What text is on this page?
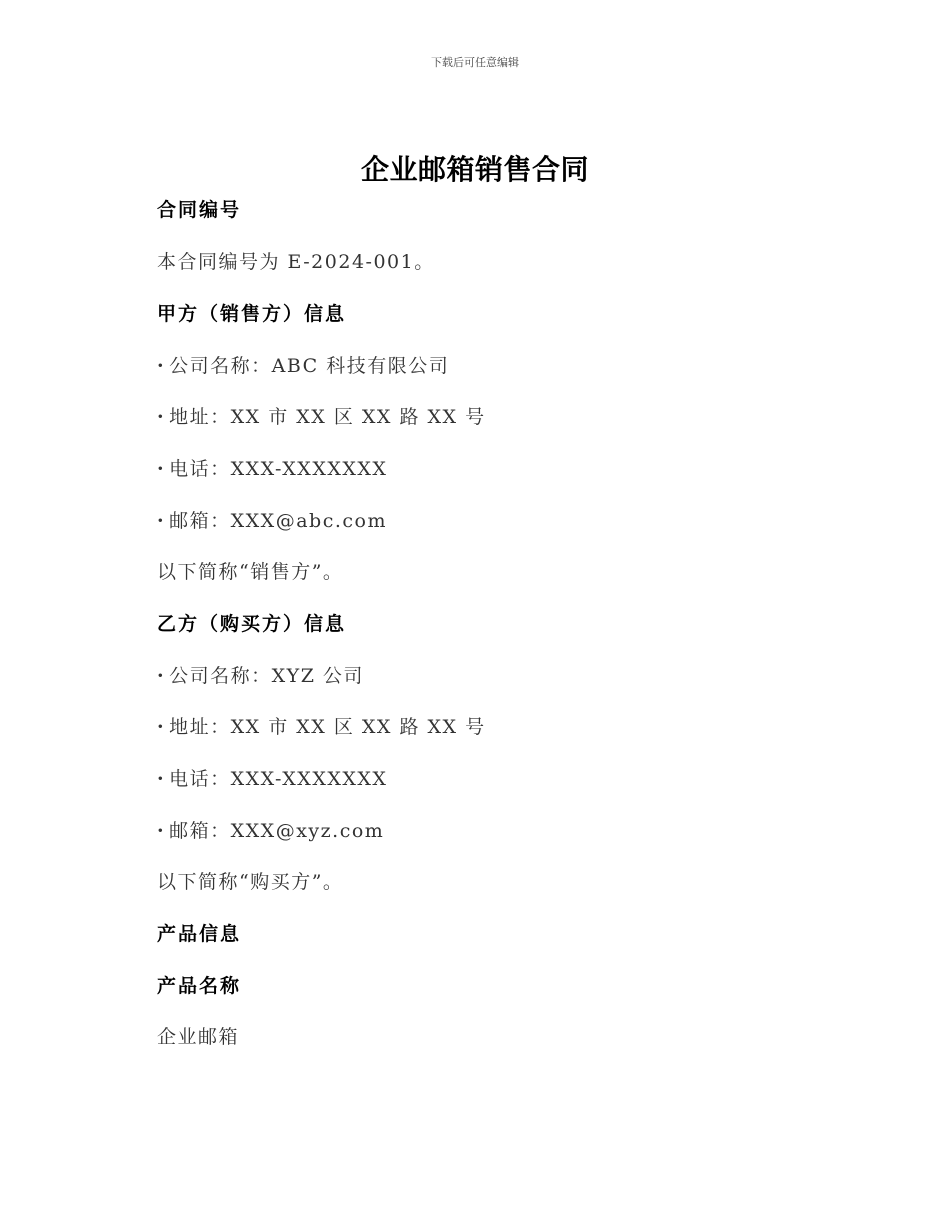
下载后可任意编辑
企业邮箱销售合同
合同编号
本合同编号为 E-2024-001。
甲方（销售方）信息
· 公司名称：ABC 科技有限公司
· 地址：XX 市 XX 区 XX 路 XX 号
· 电话：XXX-XXXXXXX
· 邮箱：XXX@abc.com
以下简称“销售方”。
乙方（购买方）信息
· 公司名称：XYZ 公司
· 地址：XX 市 XX 区 XX 路 XX 号
· 电话：XXX-XXXXXXX
· 邮箱：XXX@xyz.com
以下简称“购买方”。
产品信息
产品名称
企业邮箱
